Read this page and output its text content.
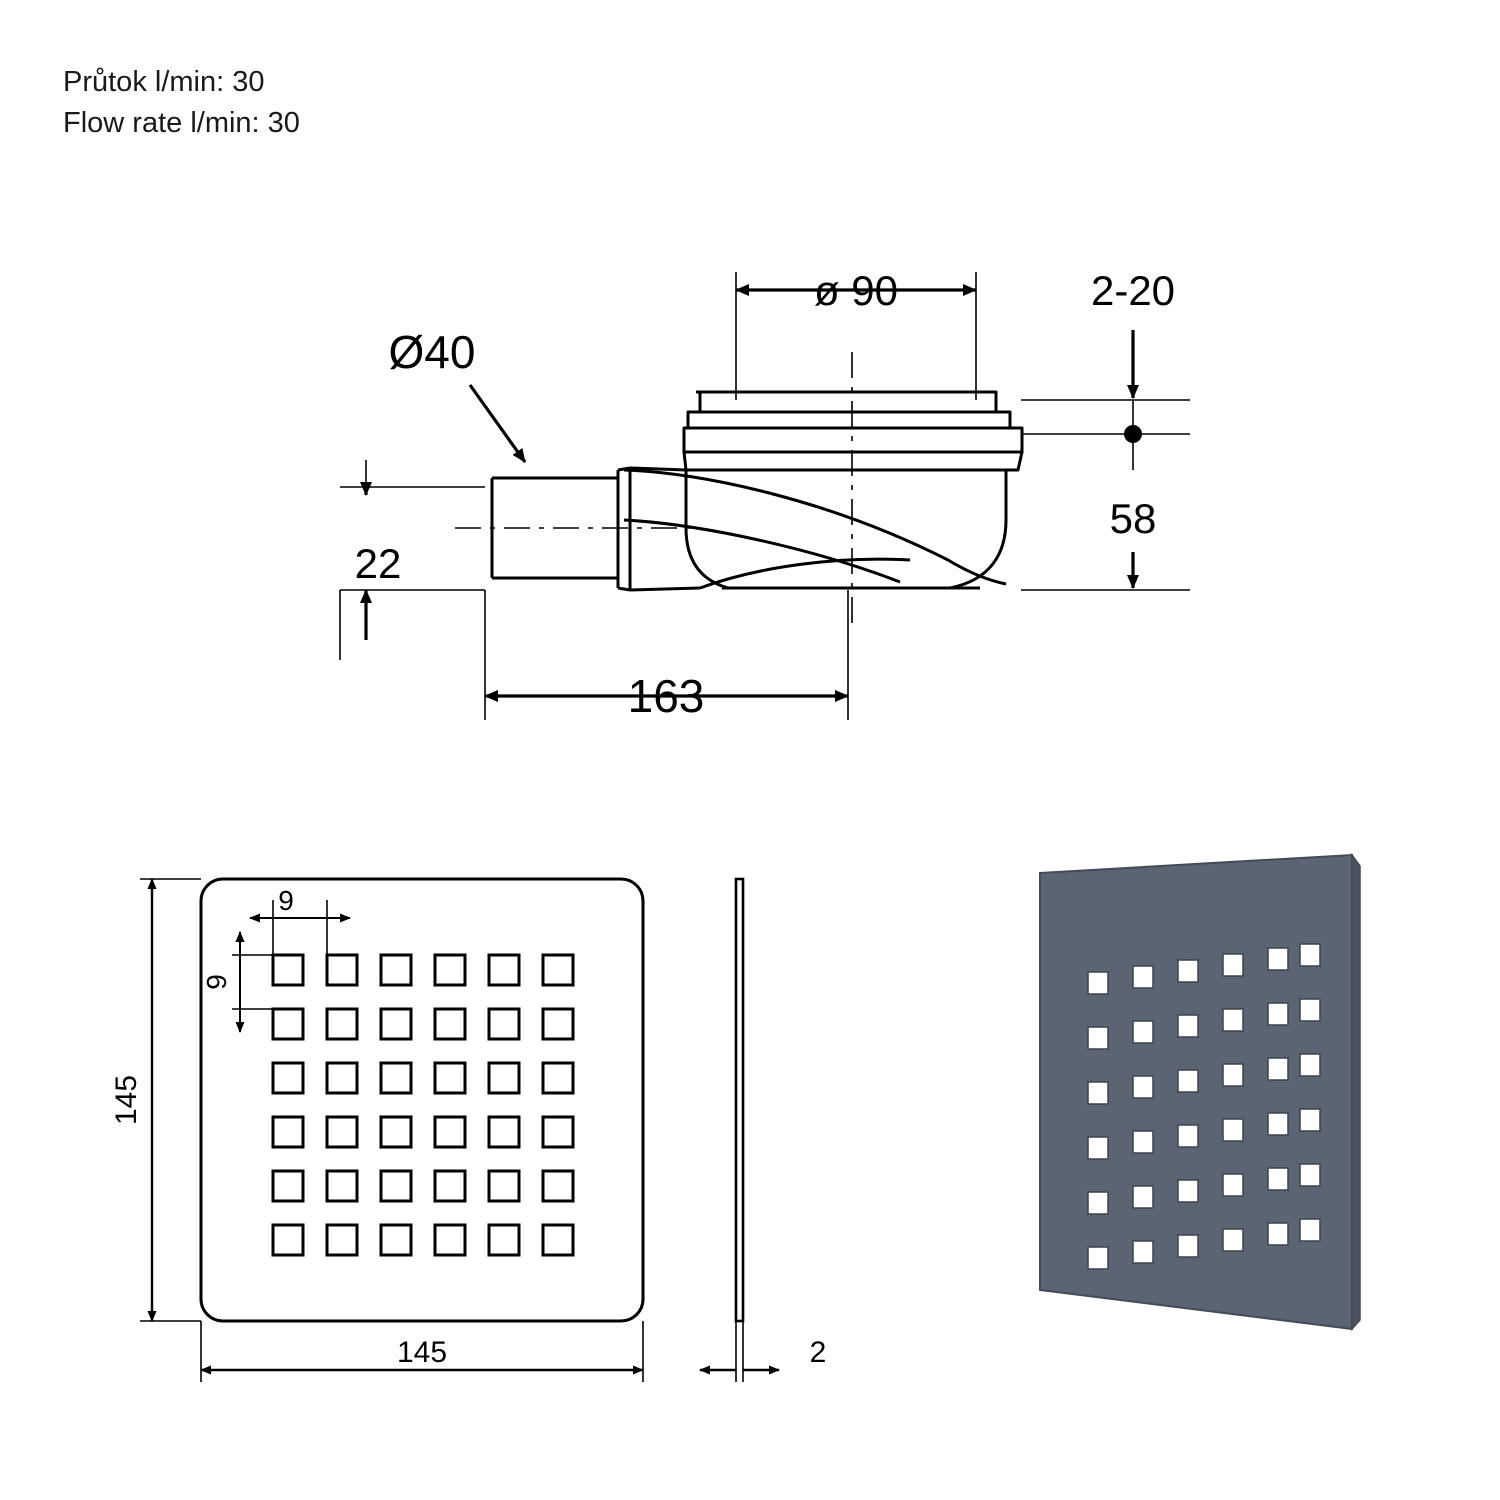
Průtok l/min: 30
Flow rate l/min: 30
ø 90	2-20
58
22
163
Ø40
9
9
145
145	2
